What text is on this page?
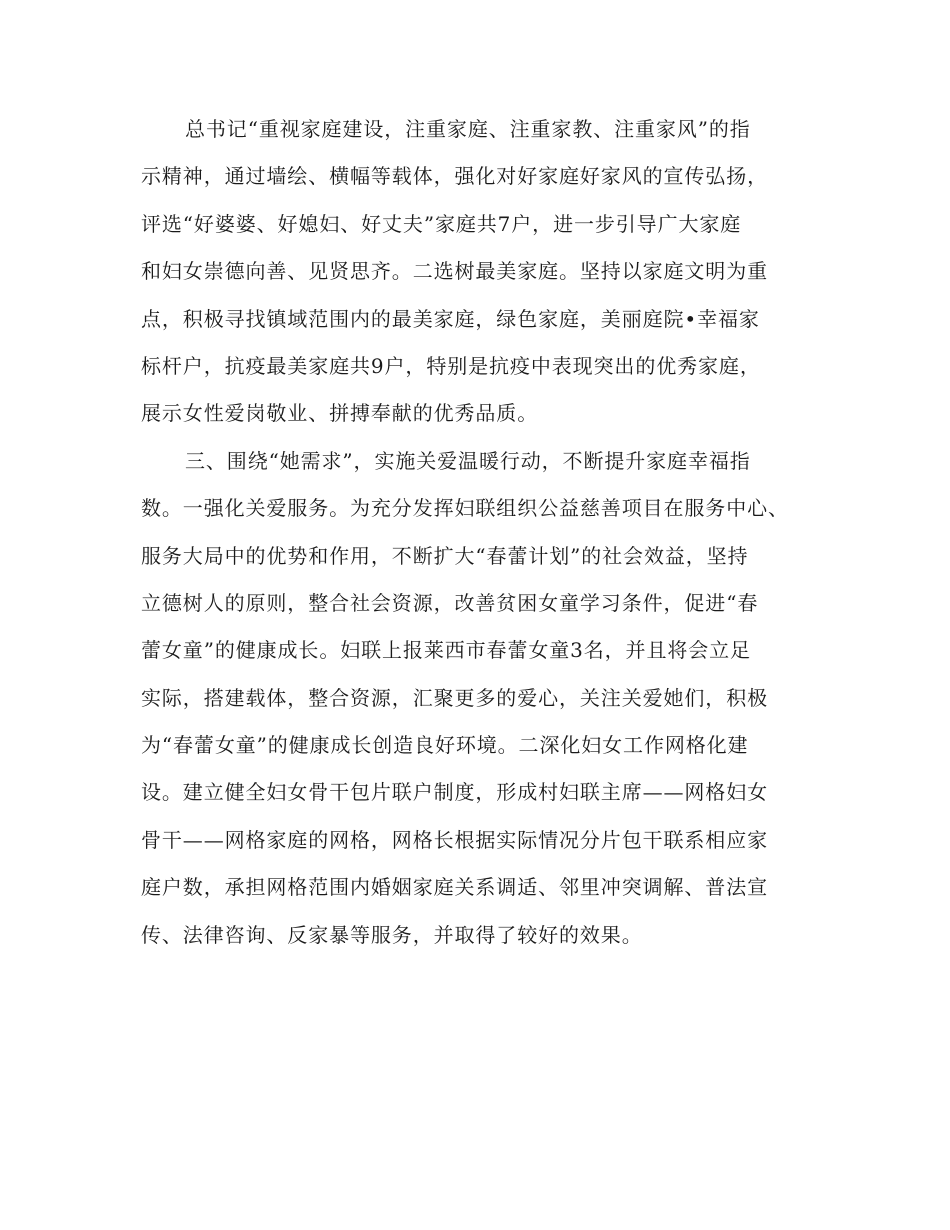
总书记“重视家庭建设，注重家庭、注重家教、注重家风”的指
示精神，通过墙绘、横幅等载体，强化对好家庭好家风的宣传弘扬，
评选“好婆婆、好媳妇、好丈夫”家庭共7户，进一步引导广大家庭
和妇女崇德向善、见贤思齐。二选树最美家庭。坚持以家庭文明为重
点，积极寻找镇域范围内的最美家庭，绿色家庭，美丽庭院•幸福家
标杆户，抗疫最美家庭共9户，特别是抗疫中表现突出的优秀家庭，
展示女性爱岗敬业、拼搏奉献的优秀品质。
三、围绕“她需求”，实施关爱温暖行动，不断提升家庭幸福指
数。一强化关爱服务。为充分发挥妇联组织公益慈善项目在服务中心、
服务大局中的优势和作用，不断扩大“春蕾计划”的社会效益，坚持
立德树人的原则，整合社会资源，改善贫困女童学习条件，促进“春
蕾女童”的健康成长。妇联上报莱西市春蕾女童3名，并且将会立足
实际，搭建载体，整合资源，汇聚更多的爱心，关注关爱她们，积极
为“春蕾女童”的健康成长创造良好环境。二深化妇女工作网格化建
设。建立健全妇女骨干包片联户制度，形成村妇联主席——网格妇女
骨干——网格家庭的网格，网格长根据实际情况分片包干联系相应家
庭户数，承担网格范围内婚姻家庭关系调适、邻里冲突调解、普法宣
传、法律咨询、反家暴等服务，并取得了较好的效果。
